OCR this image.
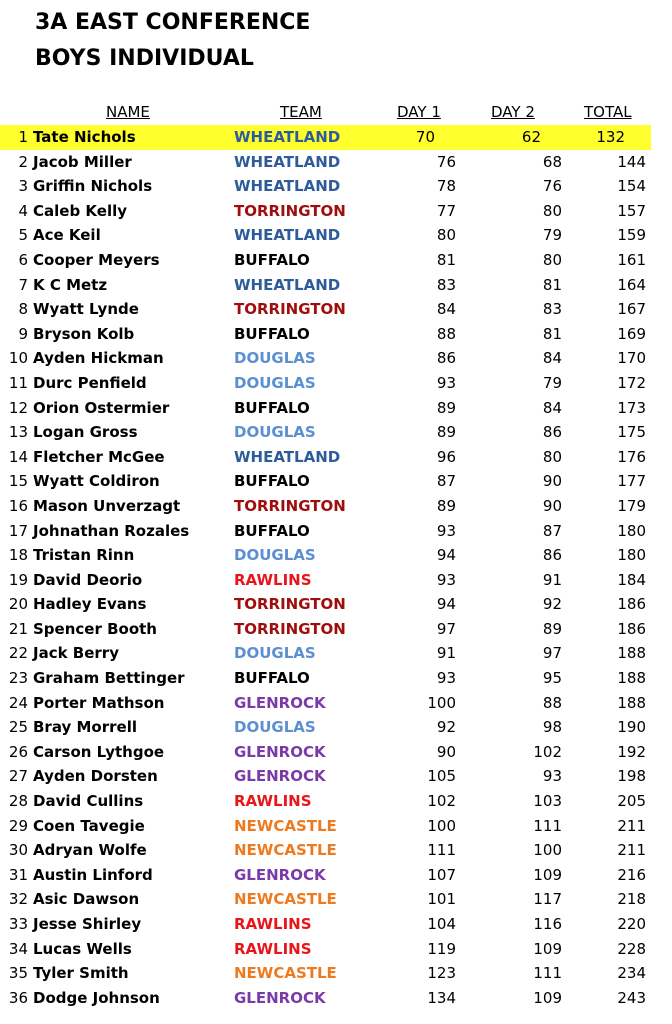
3A EAST CONFERENCE
BOYS INDIVIDUAL
NAME	TEAM	DAY 1	DAY 2	TOTAL
1 Tate Nichols	WHEATLAND	70	62	132
2 Jacob Miller	WHEATLAND	76	68	144
3 Griffin Nichols	WHEATLAND	78	76	154
4 Caleb Kelly	TORRINGTON	77	80	157
5 Ace Keil	WHEATLAND	80	79	159
6 Cooper Meyers	BUFFALO	81	80	161
7 K C Metz	WHEATLAND	83	81	164
8 Wyatt Lynde	TORRINGTON	84	83	167
9 Bryson Kolb	BUFFALO	88	81	169
10 Ayden Hickman	DOUGLAS	86	84	170
11 Durc Penfield	DOUGLAS	93	79	172
12 Orion Ostermier	BUFFALO	89	84	173
13 Logan Gross	DOUGLAS	89	86	175
14 Fletcher McGee	WHEATLAND	96	80	176
15 Wyatt Coldiron	BUFFALO	87	90	177
16 Mason Unverzagt	TORRINGTON	89	90	179
17 Johnathan Rozales	BUFFALO	93	87	180
18 Tristan Rinn	DOUGLAS	94	86	180
19 David Deorio	RAWLINS	93	91	184
20 Hadley Evans	TORRINGTON	94	92	186
21 Spencer Booth	TORRINGTON	97	89	186
22 Jack Berry	DOUGLAS	91	97	188
23 Graham Bettinger	BUFFALO	93	95	188
24 Porter Mathson	GLENROCK	100	88	188
25 Bray Morrell	DOUGLAS	92	98	190
26 Carson Lythgoe	GLENROCK	90	102	192
27 Ayden Dorsten	GLENROCK	105	93	198
28 David Cullins	RAWLINS	102	103	205
29 Coen Tavegie	NEWCASTLE	100	111	211
30 Adryan Wolfe	NEWCASTLE	111	100	211
31 Austin Linford	GLENROCK	107	109	216
32 Asic Dawson	NEWCASTLE	101	117	218
33 Jesse Shirley	RAWLINS	104	116	220
34 Lucas Wells	RAWLINS	119	109	228
35 Tyler Smith	NEWCASTLE	123	111	234
36 Dodge Johnson	GLENROCK	134	109	243
